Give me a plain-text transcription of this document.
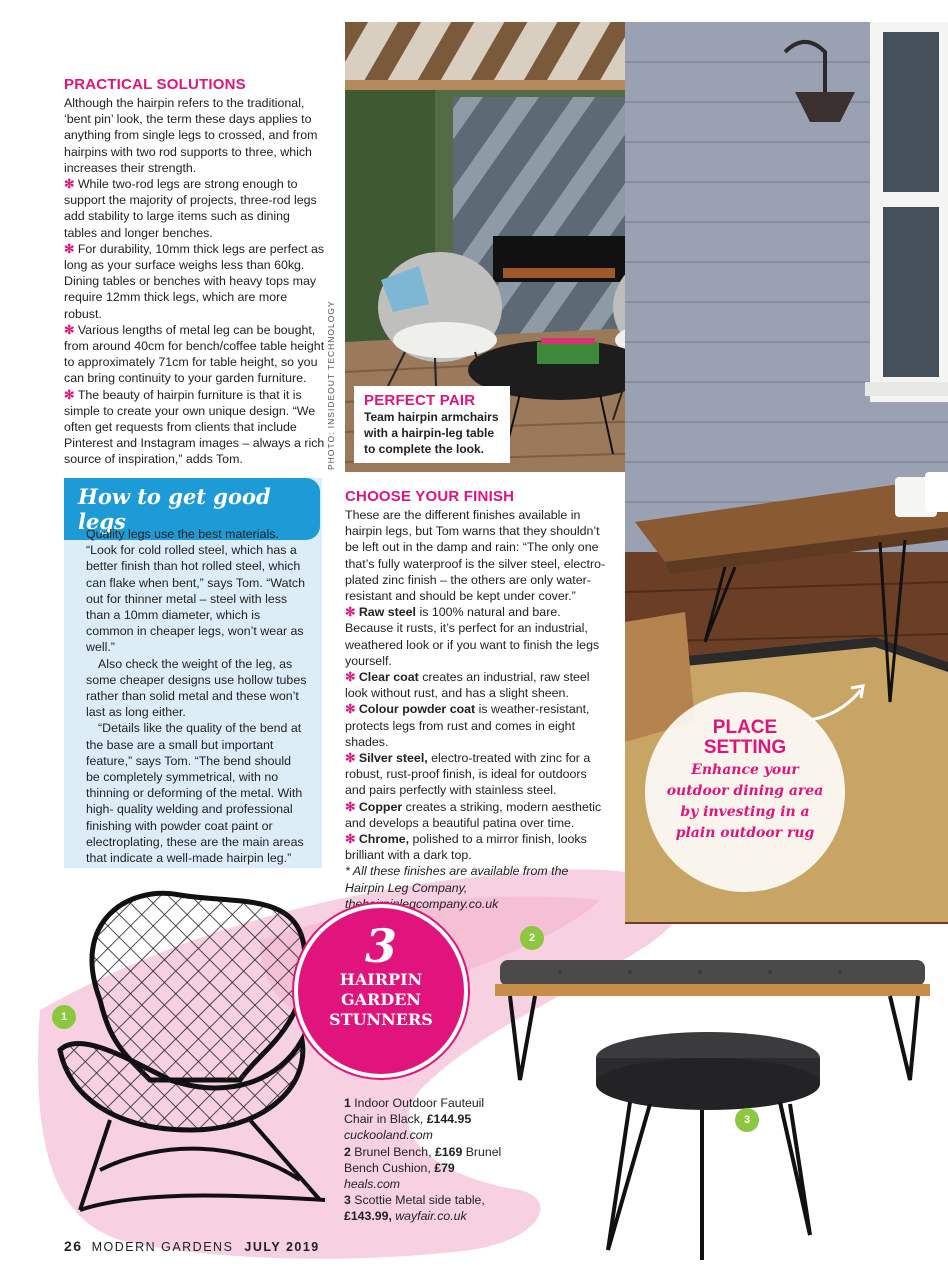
PRACTICAL SOLUTIONS

Although the hairpin refers to the traditional, ‘bent pin’ look, the term these days applies to anything from single legs to crossed, and from hairpins with two rod supports to three, which increases their strength.

✻ While two-rod legs are strong enough to support the majority of projects, three-rod legs add stability to large items such as dining tables and longer benches.

✻ For durability, 10mm thick legs are perfect as long as your surface weighs less than 60kg. Dining tables or benches with heavy tops may require 12mm thick legs, which are more robust.

✻ Various lengths of metal leg can be bought, from around 40cm for bench/coffee table height to approximately 71cm for table height, so you can bring continuity to your garden furniture.

✻ The beauty of hairpin furniture is that it is simple to create your own unique design. “We often get requests from clients that include Pinterest and Instagram images – always a rich source of inspiration,” adds Tom.	PHOTO: INSIDEOUT TECHNOLOGY PERFECT PAIR
Team hairpin armchairs with a hairpin-leg table to complete the look.
PLACE
SETTING
Enhance your
outdoor dining area
by investing in a
plain outdoor rug
How to get good legs

Quality legs use the best materials. “Look for cold rolled steel, which has a better finish than hot rolled steel, which can flake when bent,” says Tom. “Watch out for thinner metal – steel with less than a 10mm diameter, which is common in cheaper legs, won’t wear as well.”

Also check the weight of the leg, as some cheaper designs use hollow tubes rather than solid metal and these won’t last as long either.

“Details like the quality of the bend at the base are a small but important feature,” says Tom. “The bend should be completely symmetrical, with no thinning or deforming of the metal. With high- quality welding and professional finishing with powder coat paint or electroplating, these are the main areas that indicate a well-made hairpin leg.”

CHOOSE YOUR FINISH

These are the different finishes available in hairpin legs, but Tom warns that they shouldn’t be left out in the damp and rain: “The only one that’s fully waterproof is the silver steel, electro-plated zinc finish – the others are only water-resistant and should be kept under cover.”

✻ Raw steel is 100% natural and bare. Because it rusts, it’s perfect for an industrial, weathered look or if you want to finish the legs yourself.

✻ Clear coat creates an industrial, raw steel look without rust, and has a slight sheen.

✻ Colour powder coat is weather-resistant, protects legs from rust and comes in eight shades.

✻ Silver steel, electro-treated with zinc for a robust, rust-proof finish, is ideal for outdoors and pairs perfectly with stainless steel.

✻ Copper creates a striking, modern aesthetic and develops a beautiful patina over time.

✻ Chrome, polished to a mirror finish, looks brilliant with a dark top.

* All these finishes are available from the Hairpin Leg Company, thehairpinlegcompany.co.uk

1
2
3
3
HAIRPIN
GARDEN
STUNNERS

1 Indoor Outdoor Fauteuil Chair in Black, £144.95 cuckooland.com

2 Brunel Bench, £169 Brunel Bench Cushion, £79 heals.com

3 Scottie Metal side table, £143.99, wayfair.co.uk

26 MODERN GARDENS JULY 2019
